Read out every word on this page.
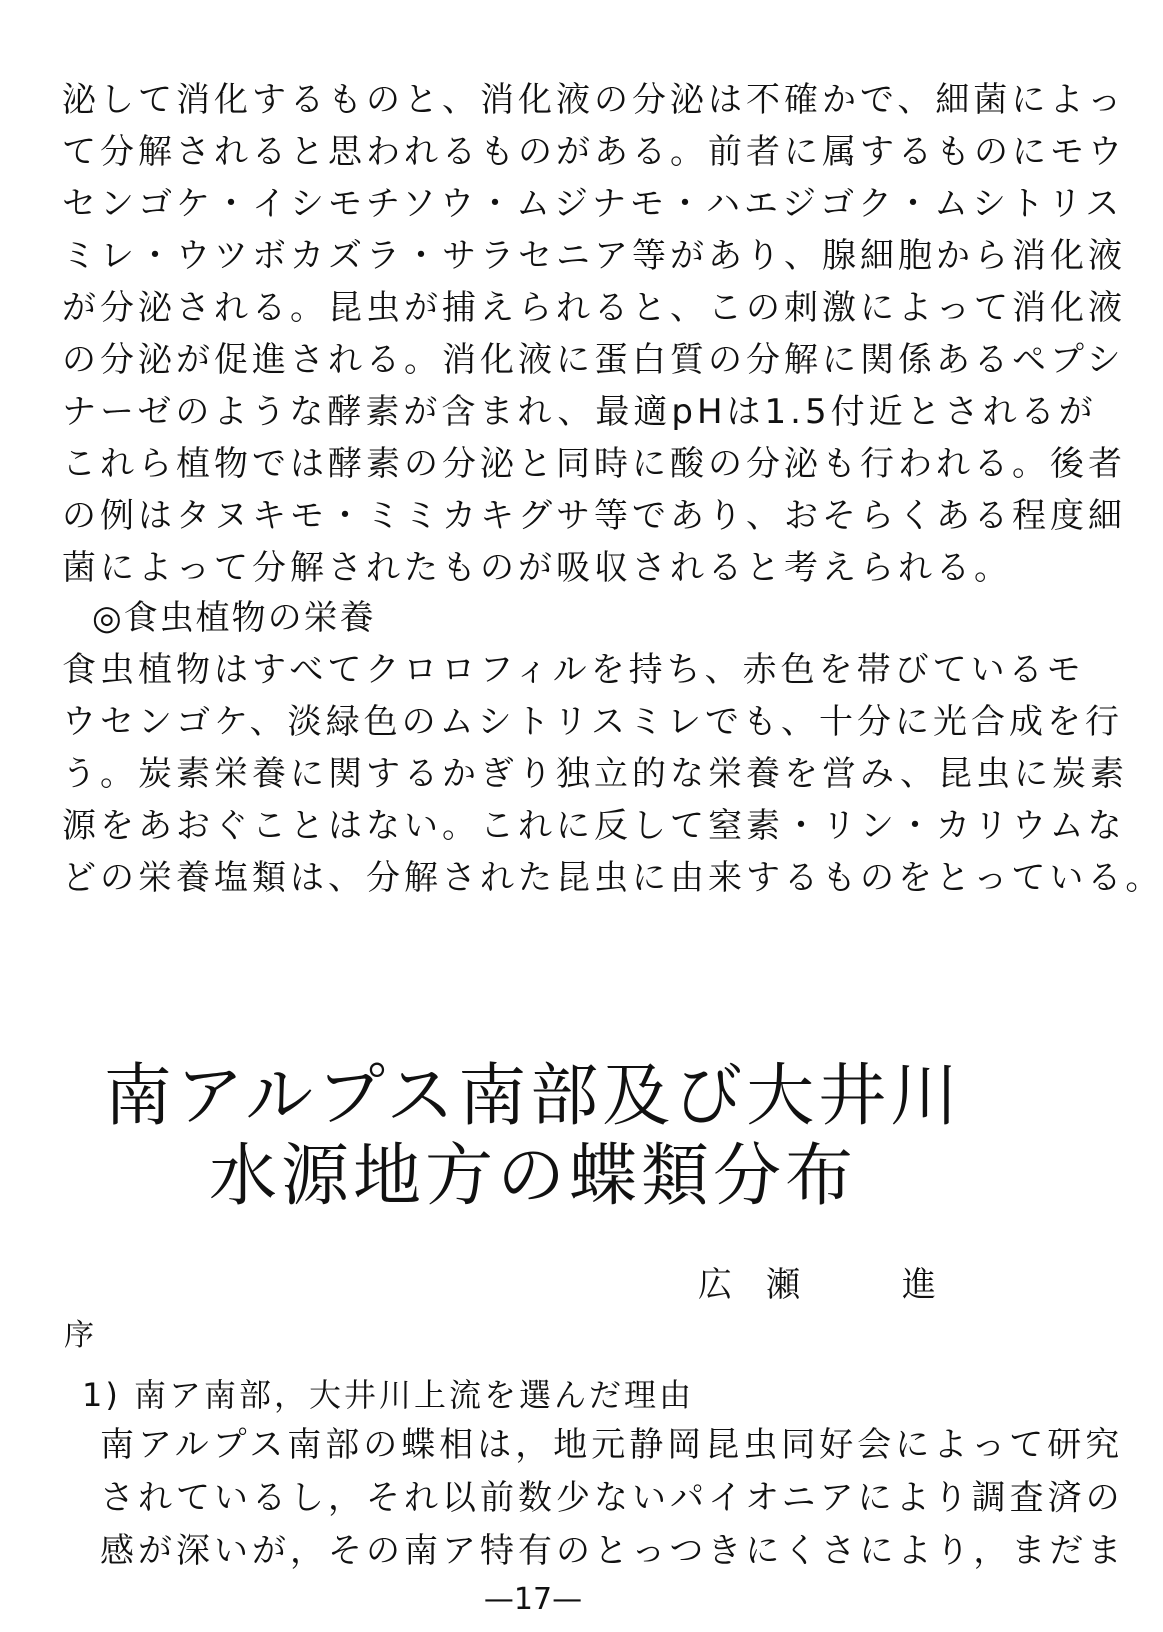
泌して消化するものと、消化液の分泌は不確かで、細菌によっ
て分解されると思われるものがある。前者に属するものにモウ
センゴケ・イシモチソウ・ムジナモ・ハエジゴク・ムシトリス
ミレ・ウツボカズラ・サラセニア等があり、腺細胞から消化液
が分泌される。昆虫が捕えられると、この刺激によって消化液
の分泌が促進される。消化液に蛋白質の分解に関係あるペプシ
ナーゼのような酵素が含まれ、最適pHは1.5付近とされるが
これら植物では酵素の分泌と同時に酸の分泌も行われる。後者
の例はタヌキモ・ミミカキグサ等であり、おそらくある程度細
菌によって分解されたものが吸収されると考えられる。
◎食虫植物の栄養
食虫植物はすべてクロロフィルを持ち、赤色を帯びているモ
ウセンゴケ、淡緑色のムシトリスミレでも、十分に光合成を行
う。炭素栄養に関するかぎり独立的な栄養を営み、昆虫に炭素
源をあおぐことはない。これに反して窒素・リン・カリウムな
どの栄養塩類は、分解された昆虫に由来するものをとっている。
南アルプス南部及び大井川
水源地方の蝶類分布
広瀬　進
序
1) 南ア南部，大井川上流を選んだ理由
南アルプス南部の蝶相は，地元静岡昆虫同好会によって研究
されているし，それ以前数少ないパイオニアにより調査済の
感が深いが，その南ア特有のとっつきにくさにより，まだま
—17—
